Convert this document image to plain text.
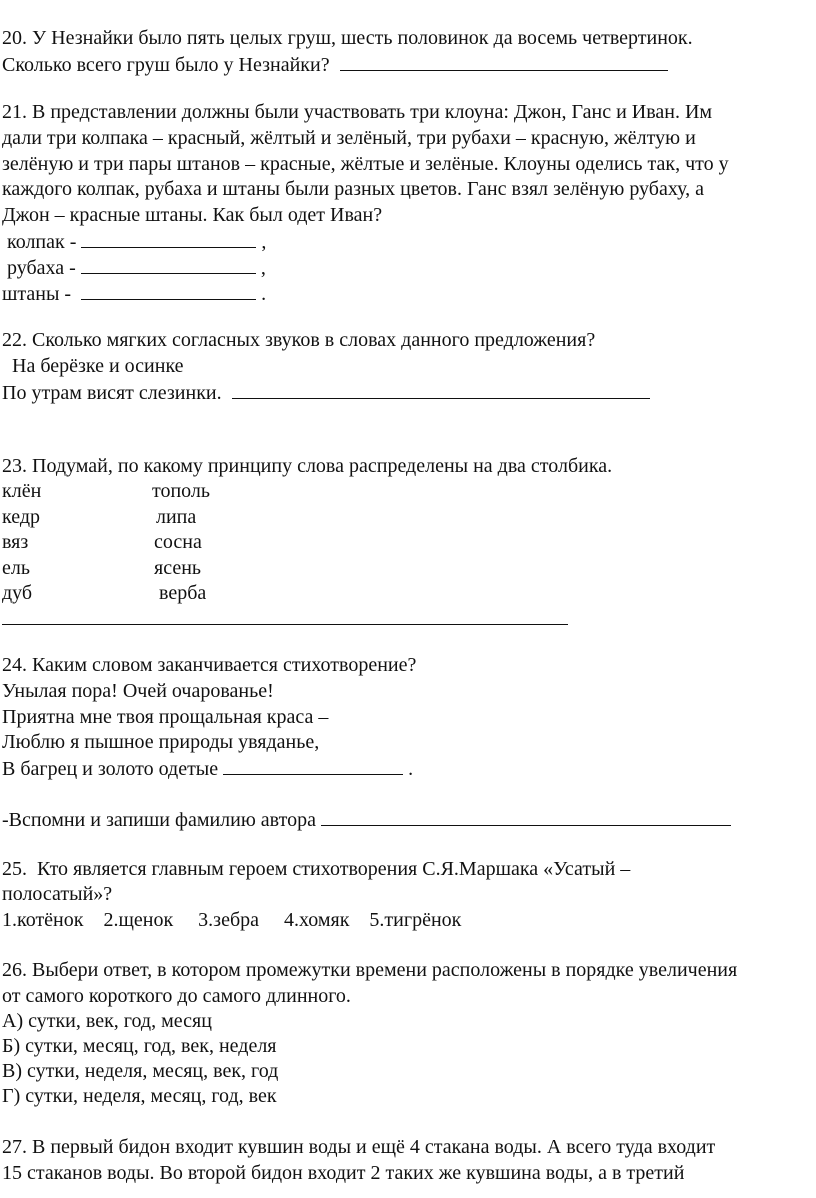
20. У Незнайки было пять целых груш, шесть половинок да восемь четвертинок.
Сколько всего груш было у Незнайки?
21. В представлении должны были участвовать три клоуна: Джон, Ганс и Иван. Им
дали три колпака – красный, жёлтый и зелёный, три рубахи – красную, жёлтую и
зелёную и три пары штанов – красные, жёлтые и зелёные. Клоуны оделись так, что у
каждого колпак, рубаха и штаны были разных цветов. Ганс взял зелёную рубаху, а
Джон – красные штаны. Как был одет Иван?
колпак -	,
рубаха -	,
штаны -	.
22. Сколько мягких согласных звуков в словах данного предложения?
На берёзке и осинке
По утрам висят слезинки.
23. Подумай, по какому принципу слова распределены на два столбика.
клён	тополь
кедр	липа
вяз	сосна
ель	ясень
дуб	верба
24. Каким словом заканчивается стихотворение?
Унылая пора! Очей очарованье!
Приятна мне твоя прощальная краса –
Люблю я пышное природы увяданье,
В багрец и золото одетые	.
-Вспомни и запиши фамилию автора
25.  Кто является главным героем стихотворения С.Я.Маршака «Усатый –
полосатый»?
1.котёнок    2.щенок     3.зебра     4.хомяк    5.тигрёнок
26. Выбери ответ, в котором промежутки времени расположены в порядке увеличения
от самого короткого до самого длинного.
А) сутки, век, год, месяц
Б) сутки, месяц, год, век, неделя
В) сутки, неделя, месяц, век, год
Г) сутки, неделя, месяц, год, век
27. В первый бидон входит кувшин воды и ещё 4 стакана воды. А всего туда входит
15 стаканов воды. Во второй бидон входит 2 таких же кувшина воды, а в третий
